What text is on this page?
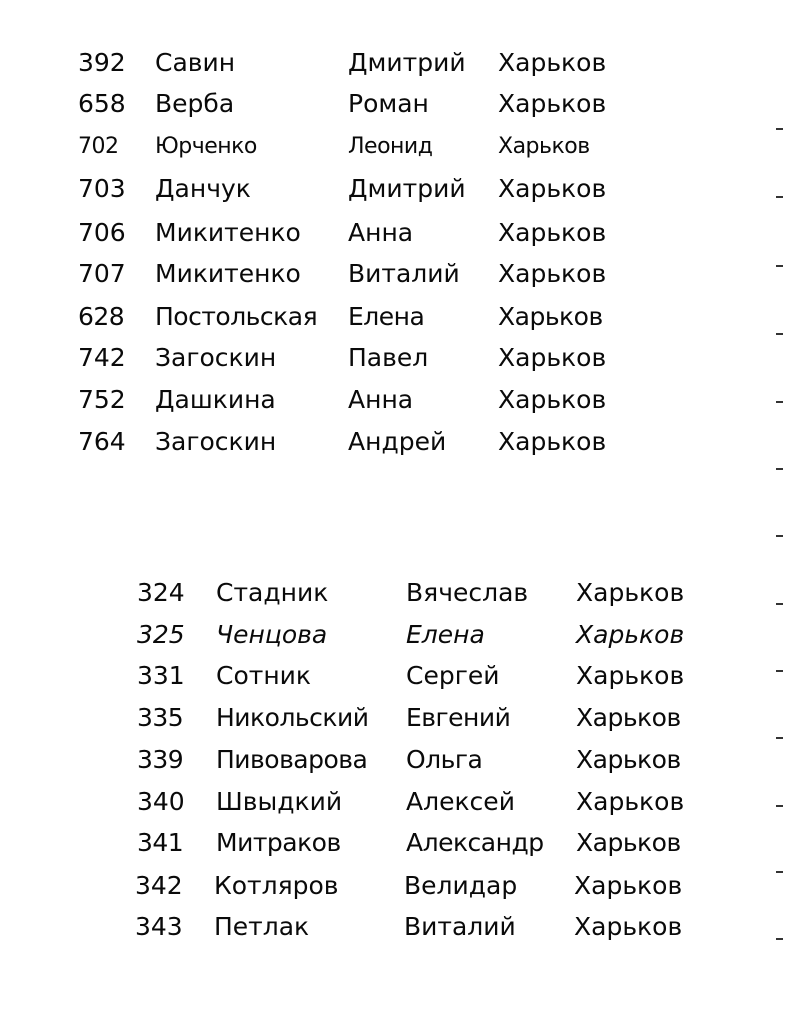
392 Савин	Дмитрий Харьков
658 Верба	Роман	Харьков
702 Юрченко	Леонид	Харьков
703 Данчук	Дмитрий Харьков
706 Микитенко Анна	Харьков
707 Микитенко Виталий Харьков
628 Постольская Елена	Харьков
742 Загоскин	Павел	Харьков
752 Дашкина	Анна	Харьков
764 Загоскин	Андрей Харьков
324 Стадник	Вячеслав Харьков
325 Ченцова	Елена	Харьков
331 Сотник	Сергей	Харьков
335 Никольский Евгений	Харьков
339 Пивоварова Ольга	Харьков
340 Швыдкий	Алексей Харьков
341 Митраков	Александр Харьков
342 Котляров	Велидар Харьков
343 Петлак	Виталий Харьков
